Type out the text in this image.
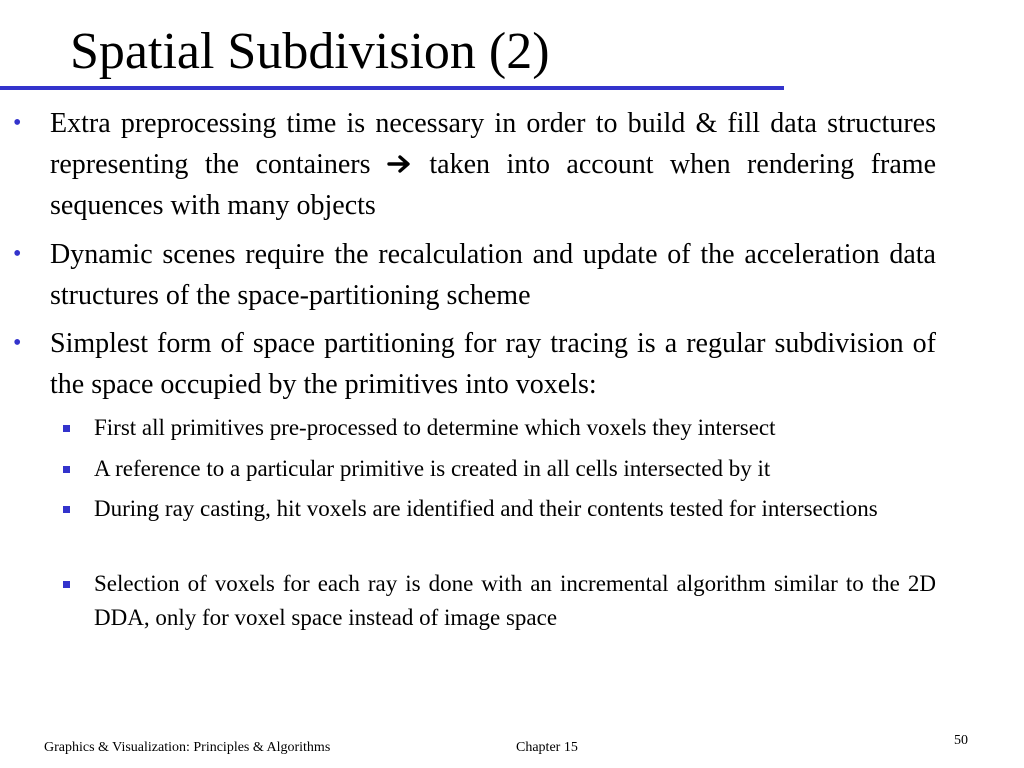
Spatial Subdivision (2)
•	Extra preprocessing time is necessary in order to build & fill data structures representing the containers  taken into account when rendering frame sequences with many objects
•	Dynamic scenes require the recalculation and update of the acceleration data structures of the space-partitioning scheme
•	Simplest form of space partitioning for ray tracing is a regular subdivision of the space occupied by the primitives into voxels:
First all primitives pre-processed to determine which voxels they intersect
A reference to a particular primitive is created in all cells intersected by it
During ray casting, hit voxels are identified and their contents tested for intersections
Selection of voxels for each ray is done with an incremental algorithm similar to the 2D DDA, only for voxel space instead of image space
Graphics & Visualization: Principles & Algorithms	Chapter 15	50
